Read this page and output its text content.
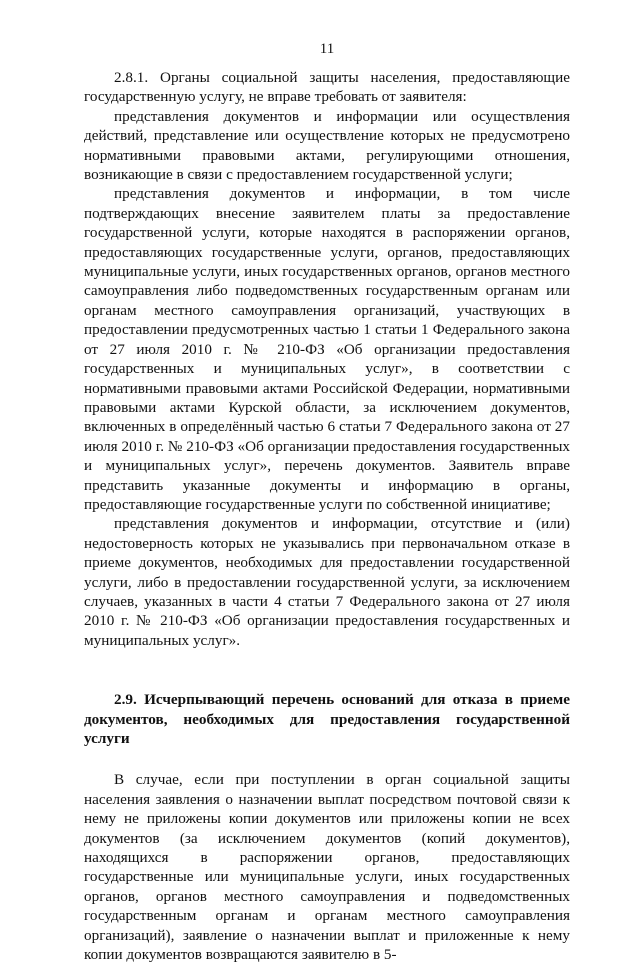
11

2.8.1. Органы социальной защиты населения, предоставляющие государственную услугу, не вправе требовать от заявителя:

представления документов и информации или осуществления действий, представление или осуществление которых не предусмотрено нормативными правовыми актами, регулирующими отношения, возникающие в связи с предоставлением государственной услуги;

представления документов и информации, в том числе подтверждающих внесение заявителем платы за предоставление государственной услуги, которые находятся в распоряжении органов, предоставляющих государственные услуги, органов, предоставляющих муниципальные услуги, иных государственных органов, органов местного самоуправления либо подведомственных государственным органам или органам местного самоуправления организаций, участвующих в предоставлении предусмотренных частью 1 статьи 1 Федерального закона от 27 июля 2010 г. № 210-ФЗ «Об организации предоставления государственных и муниципальных услуг», в соответствии с нормативными правовыми актами Российской Федерации, нормативными правовыми актами Курской области, за исключением документов, включенных в определённый частью 6 статьи 7 Федерального закона от 27 июля 2010 г. № 210-ФЗ «Об организации предоставления государственных и муниципальных услуг», перечень документов. Заявитель вправе представить указанные документы и информацию в органы, предоставляющие государственные услуги по собственной инициативе;

представления документов и информации, отсутствие и (или) недостоверность которых не указывались при первоначальном отказе в приеме документов, необходимых для предоставлении государственной услуги, либо в предоставлении государственной услуги, за исключением случаев, указанных в части 4 статьи 7 Федерального закона от 27 июля 2010 г. № 210-ФЗ «Об организации предоставления государственных и муниципальных услуг».

2.9. Исчерпывающий перечень оснований для отказа в приеме документов, необходимых для предоставления государственной услуги

В случае, если при поступлении в орган социальной защиты населения заявления о назначении выплат посредством почтовой связи к нему не приложены копии документов или приложены копии не всех документов (за исключением документов (копий документов), находящихся в распоряжении органов, предоставляющих государственные или муниципальные услуги, иных государственных органов, органов местного самоуправления и подведомственных государственным органам и органам местного самоуправления организаций), заявление о назначении выплат и приложенные к нему копии документов возвращаются заявителю в 5-
